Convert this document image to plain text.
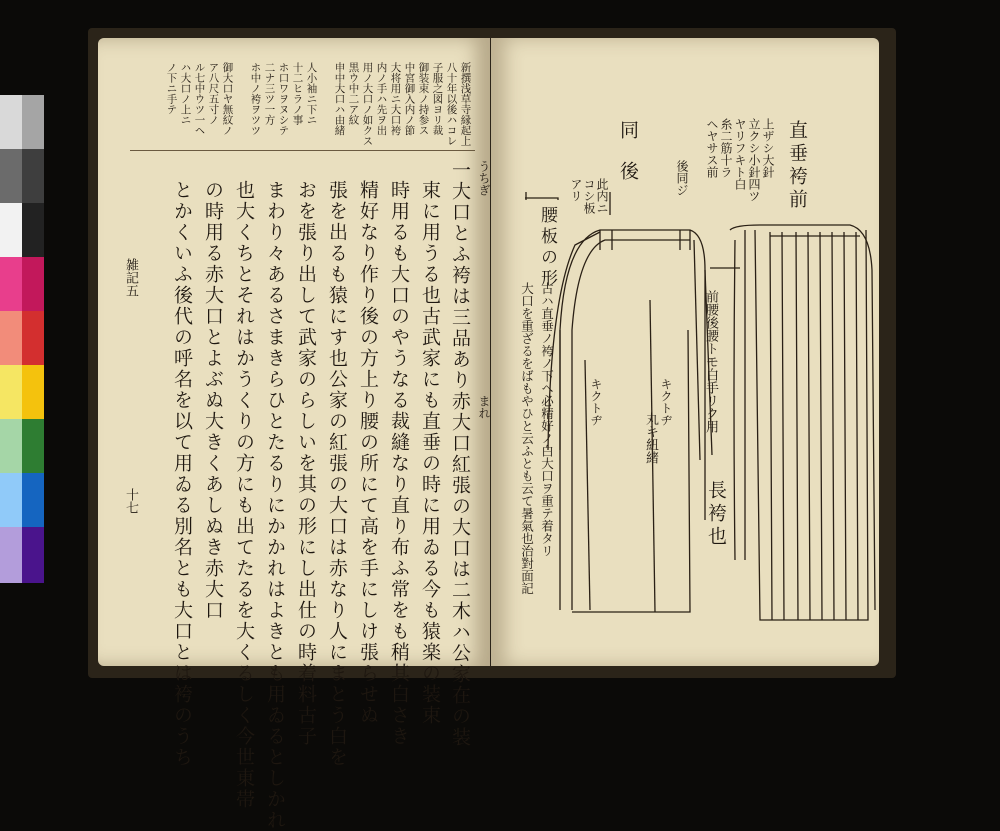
新撰浅草寺縁起上
八十年以後ハコレ
子服之図ヨリ裁
御装束ノ持参ス
中宮御入内ノ節
大将用ニ大口袴
内ノ手ハ先ヲ出
用ノ大口ノ如クス
黒ウ中二ア紋
申中大口ハ由緒
人小袖ニ下ニ
十二ヒラノ事
ホ口ワヲヌシテ
二ナ三ツ一方
ホ中ノ袴ヲツツ
御大口ヤ無紋ノ
ア八尺五寸ノ
ル七中ウツ一ヘ
ハ大口ノ上ニ
ノ下ニ手テ
一大口とふ袴は三品あり赤大口紅張の大口は二木ハ公家在の装
束に用うる也古武家にも直垂の時に用ゐる今も猿楽の装束
時用るも大口のやうなる裁縫なり直り布ふ常をも稍其白さき
精好なり作り後の方上り腰の所にて高を手にしけ張らせぬ
張を出るも猿にす也公家の紅張の大口は赤なり人にまとう白を
おを張り出して武家のらしいを其の形にし出仕の時着料古子
まわり々あるさまきらひとたるりにかかれはよきとも用ゐるとしかれ
也大くちとそれはかうくりの方にも出てたるを大くるしく今世東帯
の時用る赤大口とよぶぬ大きくあしぬき赤大口
とかくいふ後代の呼名を以て用ゐる別名とも大口とは袴のうち
うちぎ
まれ
雑記五
十七
直垂袴前
同後	上ザシ大針
立クシ小針四ツ
ヤリフキト白
糸二筋十ラ
ヘヤサス前
後同ジ
此内ニ
コシ板
アリ
腰板の形
前腰後腰トモ白手リク用
キクトヂ	キクトヂ
丸キ紐緒
長袴也
古ハ直垂ノ袴ノ下ヘ必精好ノ白大口ヲ重テ着タリ
大口を重ざるをばもやひと云ふとも云て暑氣也治對面記
